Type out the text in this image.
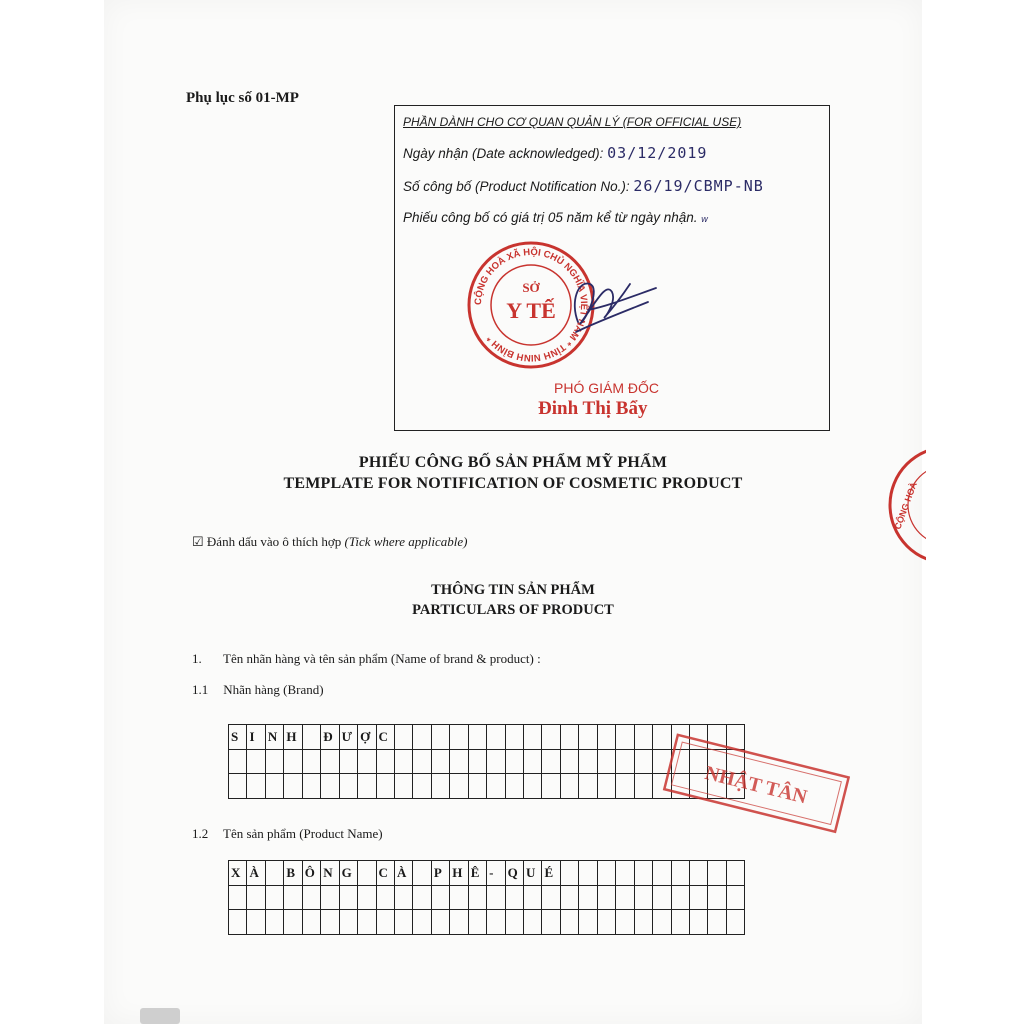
Phụ lục số 01-MP
PHẦN DÀNH CHO CƠ QUAN QUẢN LÝ (FOR OFFICIAL USE)
Ngày nhận (Date acknowledged): 03/12/2019
Số công bố (Product Notification No.): 26/19/CBMP-NB
Phiếu công bố có giá trị 05 năm kể từ ngày nhận. w
CỘNG HOÀ XÃ HỘI CHỦ NGHĨA VIỆT NAM * TỈNH NINH BÌNH *
SỞ
Y TẾ
PHÓ GIÁM ĐỐC
Đinh Thị Bẩy
CỘNG HOÀ
PHIẾU CÔNG BỐ SẢN PHẨM MỸ PHẨM
TEMPLATE FOR NOTIFICATION OF COSMETIC PRODUCT
☑ Đánh dấu vào ô thích hợp (Tick where applicable)
THÔNG TIN SẢN PHẨM
PARTICULARS OF PRODUCT
1. Tên nhãn hàng và tên sản phẩm (Name of brand & product) :
1.1 Nhãn hàng (Brand)
S	I	N	H		Đ	Ư	Ợ	C																			

1.2 Tên sản phẩm (Product Name)
X	À		B	Ô	N	G		C	À		P	H	Ê	-	Q	U	É										

NHẬT TÂN
